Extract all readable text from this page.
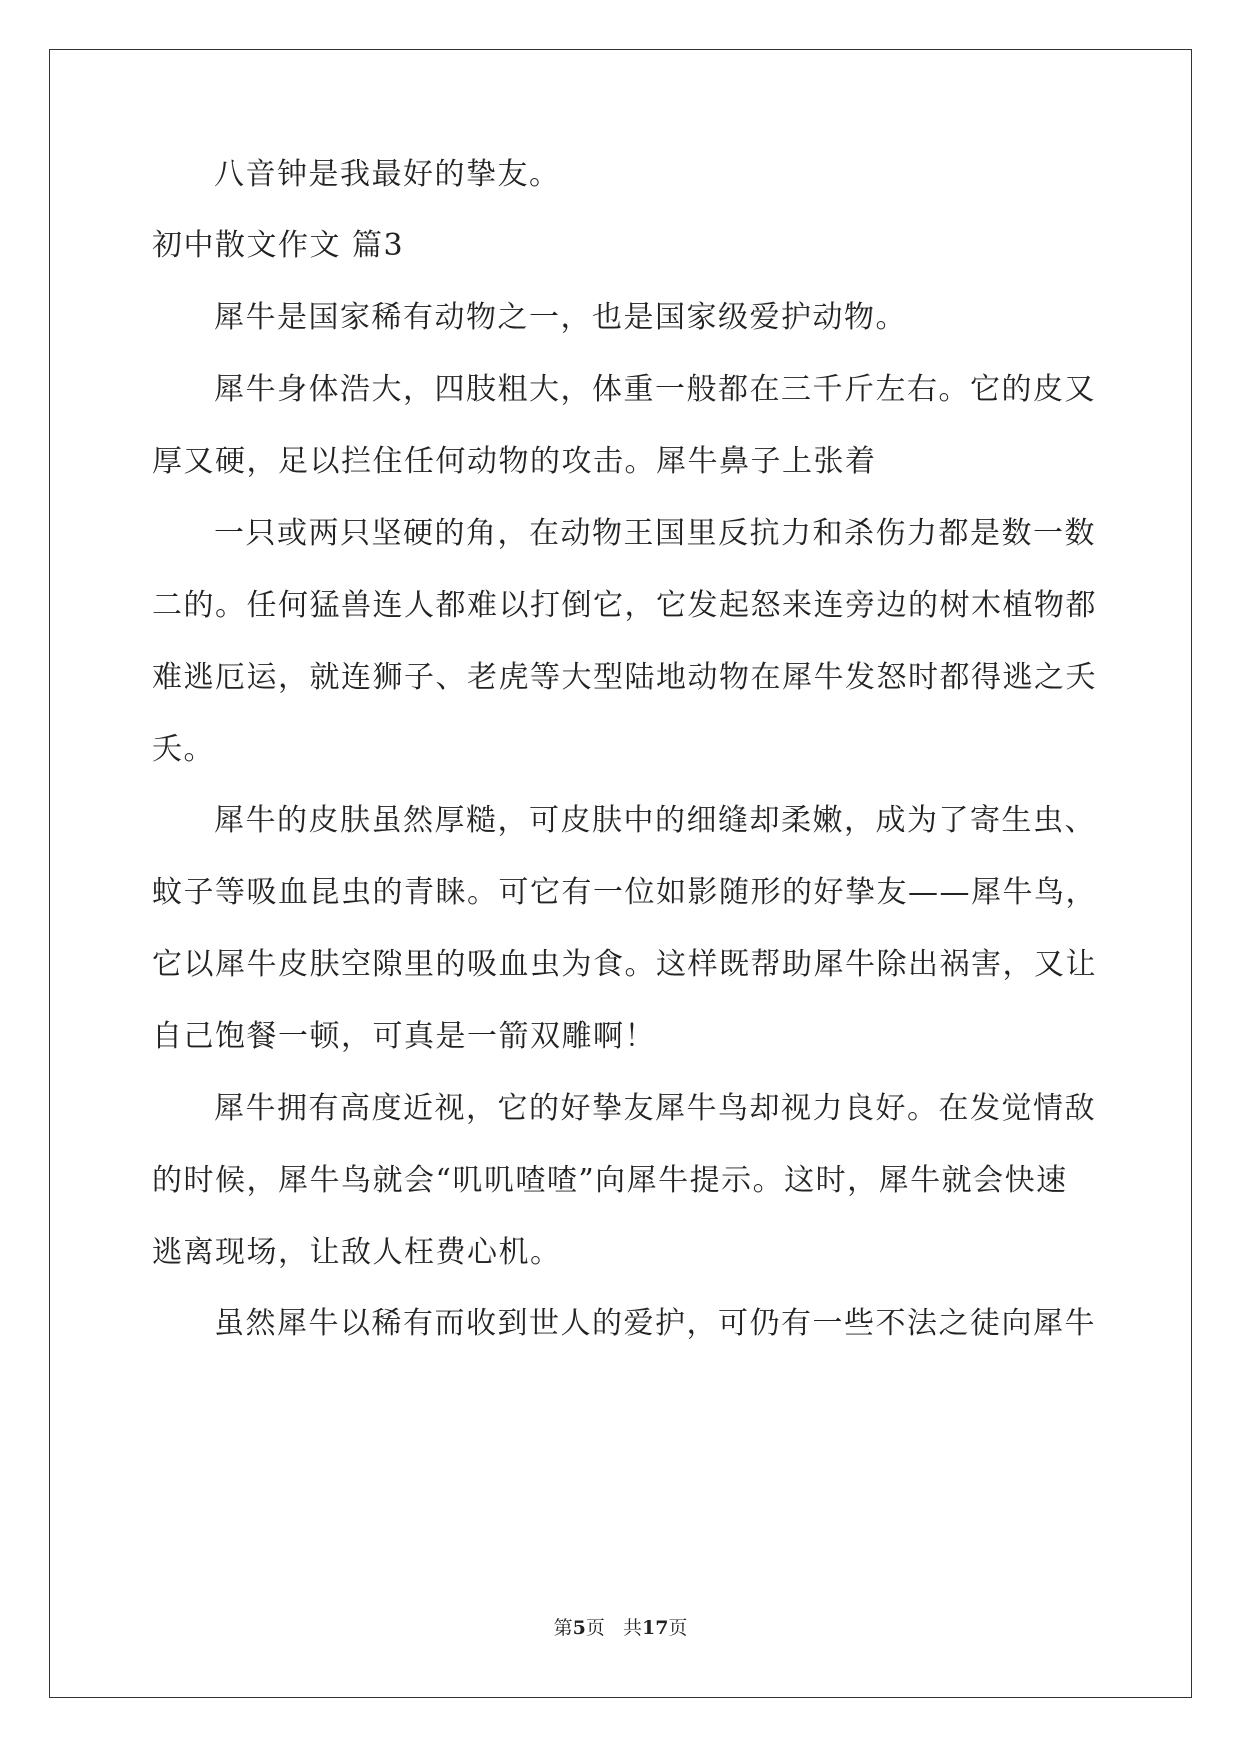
八音钟是我最好的挚友。
初中散文作文 篇3
犀牛是国家稀有动物之一，也是国家级爱护动物。
犀牛身体浩大，四肢粗大，体重一般都在三千斤左右。它的皮又
厚又硬，足以拦住任何动物的攻击。犀牛鼻子上张着
一只或两只坚硬的角，在动物王国里反抗力和杀伤力都是数一数
二的。任何猛兽连人都难以打倒它，它发起怒来连旁边的树木植物都
难逃厄运，就连狮子、老虎等大型陆地动物在犀牛发怒时都得逃之夭
夭。
犀牛的皮肤虽然厚糙，可皮肤中的细缝却柔嫩，成为了寄生虫、
蚊子等吸血昆虫的青睐。可它有一位如影随形的好挚友——犀牛鸟，
它以犀牛皮肤空隙里的吸血虫为食。这样既帮助犀牛除出祸害，又让
自己饱餐一顿，可真是一箭双雕啊！
犀牛拥有高度近视，它的好挚友犀牛鸟却视力良好。在发觉情敌
的时候，犀牛鸟就会“叽叽喳喳”向犀牛提示。这时，犀牛就会快速
逃离现场，让敌人枉费心机。
虽然犀牛以稀有而收到世人的爱护，可仍有一些不法之徒向犀牛
第5页 共17页
